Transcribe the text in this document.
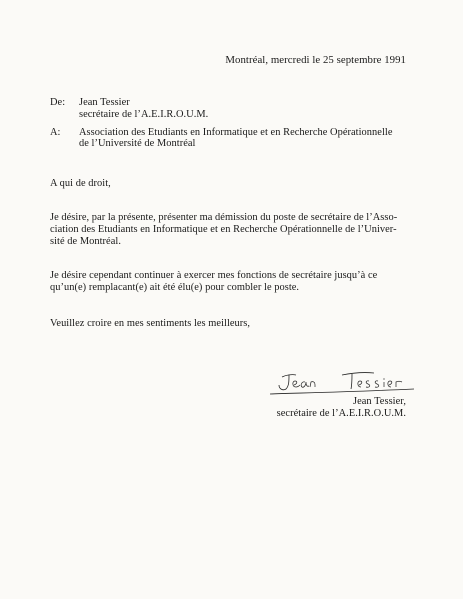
Montréal, mercredi le 25 septembre 1991
De: Jean Tessier
secrétaire de l’A.E.I.R.O.U.M.
A: Association des Etudiants en Informatique et en Recherche Opérationnelle
de l’Université de Montréal
A qui de droit,
Je désire, par la présente, présenter ma démission du poste de secrétaire de l’Asso-
ciation des Etudiants en Informatique et en Recherche Opérationnelle de l’Univer-
sité de Montréal.
Je désire cependant continuer à exercer mes fonctions de secrétaire jusqu’à ce
qu’un(e) remplacant(e) ait été élu(e) pour combler le poste.
Veuillez croire en mes sentiments les meilleurs,
Jean Tessier,
secrétaire de l’A.E.I.R.O.U.M.
